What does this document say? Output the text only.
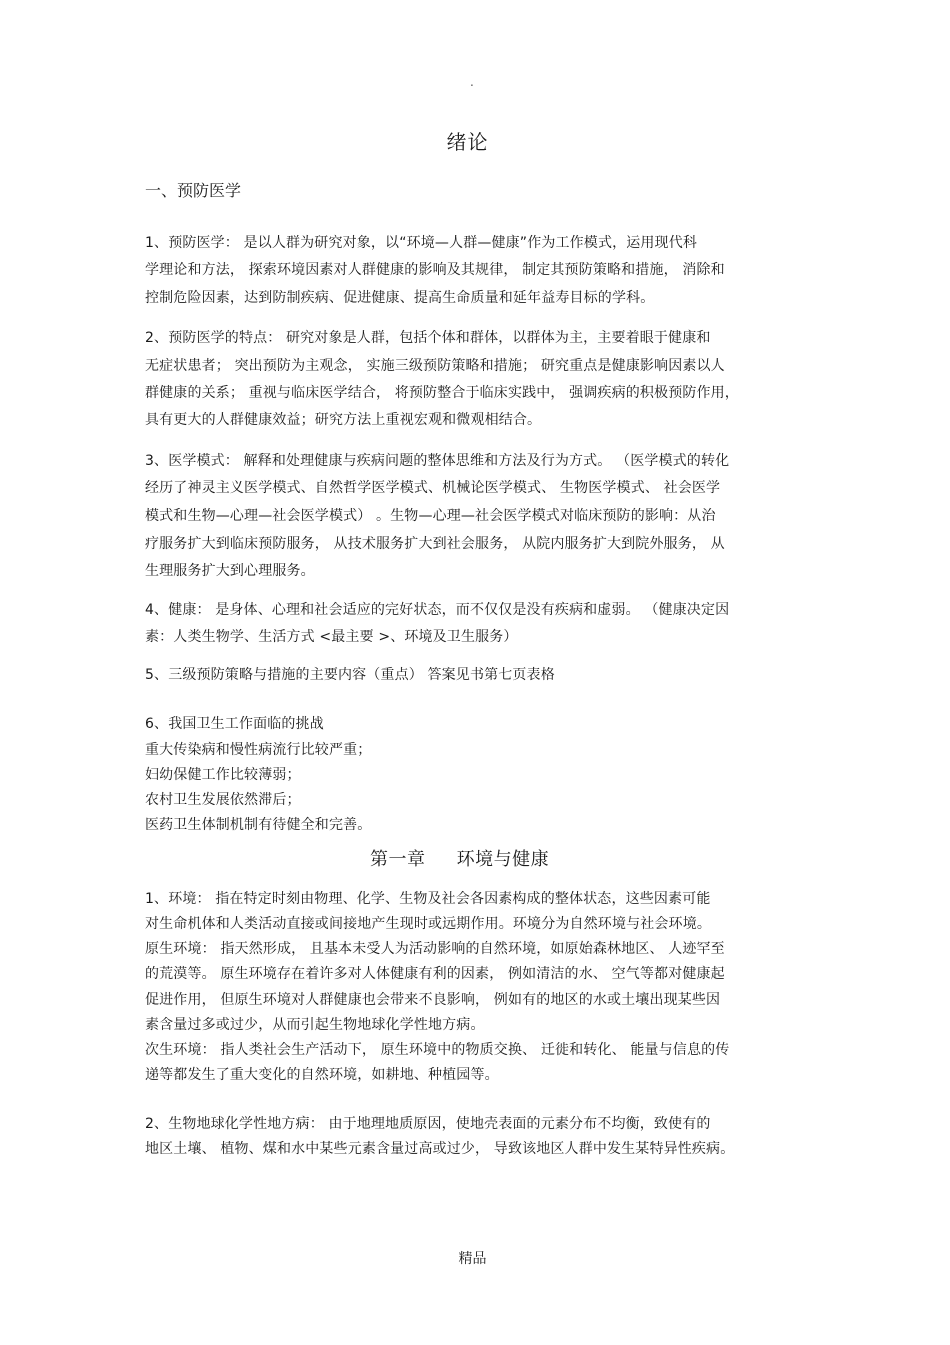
.
绪论
一、预防医学
1、预防医学： 是以人群为研究对象，以“环境—人群—健康”作为工作模式，运用现代科
学理论和方法， 探索环境因素对人群健康的影响及其规律， 制定其预防策略和措施， 消除和
控制危险因素，达到防制疾病、促进健康、提高生命质量和延年益寿目标的学科。
2、预防医学的特点： 研究对象是人群，包括个体和群体，以群体为主，主要着眼于健康和
无症状患者； 突出预防为主观念， 实施三级预防策略和措施； 研究重点是健康影响因素以人
群健康的关系； 重视与临床医学结合， 将预防整合于临床实践中， 强调疾病的积极预防作用，
具有更大的人群健康效益；研究方法上重视宏观和微观相结合。
3、医学模式： 解释和处理健康与疾病问题的整体思维和方法及行为方式。 （医学模式的转化
经历了神灵主义医学模式、自然哲学医学模式、机械论医学模式、 生物医学模式、 社会医学
模式和生物—心理—社会医学模式） 。生物—心理—社会医学模式对临床预防的影响：从治
疗服务扩大到临床预防服务， 从技术服务扩大到社会服务， 从院内服务扩大到院外服务， 从
生理服务扩大到心理服务。
4、健康： 是身体、心理和社会适应的完好状态，而不仅仅是没有疾病和虚弱。 （健康决定因
素：人类生物学、生活方式 <最主要 >、环境及卫生服务）
5、三级预防策略与措施的主要内容（重点） 答案见书第七页表格
6、我国卫生工作面临的挑战
重大传染病和慢性病流行比较严重；
妇幼保健工作比较薄弱；
农村卫生发展依然滞后；
医药卫生体制机制有待健全和完善。
第一章     环境与健康
1、环境： 指在特定时刻由物理、化学、生物及社会各因素构成的整体状态，这些因素可能
对生命机体和人类活动直接或间接地产生现时或远期作用。环境分为自然环境与社会环境。
原生环境： 指天然形成， 且基本未受人为活动影响的自然环境，如原始森林地区、 人迹罕至
的荒漠等。 原生环境存在着许多对人体健康有利的因素， 例如清洁的水、 空气等都对健康起
促进作用， 但原生环境对人群健康也会带来不良影响， 例如有的地区的水或土壤出现某些因
素含量过多或过少，从而引起生物地球化学性地方病。
次生环境： 指人类社会生产活动下， 原生环境中的物质交换、 迁徙和转化、 能量与信息的传
递等都发生了重大变化的自然环境，如耕地、种植园等。
2、生物地球化学性地方病： 由于地理地质原因，使地壳表面的元素分布不均衡，致使有的
地区土壤、 植物、煤和水中某些元素含量过高或过少， 导致该地区人群中发生某特异性疾病。
精品
